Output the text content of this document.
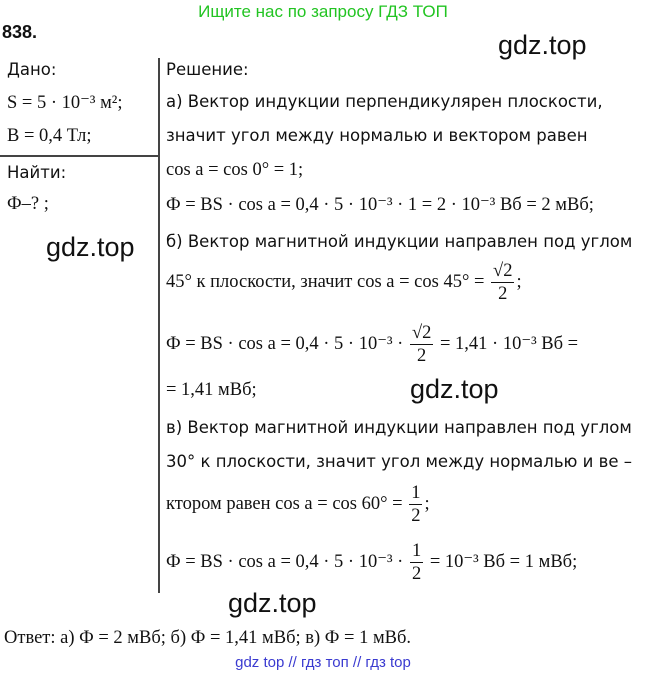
Ищите нас по запросу ГДЗ ТОП
838.
Дано:
S = 5 · 10⁻³ м²;
B = 0,4 Тл;
Найти:
Ф–? ;
Решение:
а) Вектор индукции перпендикулярен плоскости,
значит угол между нормалью и вектором равен
cos a = cos 0° = 1;
Ф = BS · cos a = 0,4 · 5 · 10⁻³ · 1 = 2 · 10⁻³ Вб = 2 мВб;
б) Вектор магнитной индукции направлен под углом
45° к плоскости, значит $\cos a = \cos 45^\circ = \frac{√2}{2}$ ;
Ф = BS · $\cos a = 0,4 \cdot 5 \cdot 10^{-3} \cdot \frac{√2}{2} = 1,41 \cdot 10^{-3}$ Вб =
= 1,41 мВб;
в) Вектор магнитной индукции направлен под углом
30° к плоскости, значит угол между нормалью и ве –
ктором равен $\cos a = \cos 60^\circ = \frac{1}{2}$ ;
Ф = BS · $\cos a = 0,4 \cdot 5 \cdot 10^{-3} \cdot \frac{1}{2} = 10^{-3}$ Вб = 1 мВб;
gdz.top
gdz.top
gdz.top
gdz.top
Ответ: а) Ф = 2 мВб; б) Ф = 1,41 мВб; в) Ф = 1 мВб.
gdz top // гдз топ // гдз top
